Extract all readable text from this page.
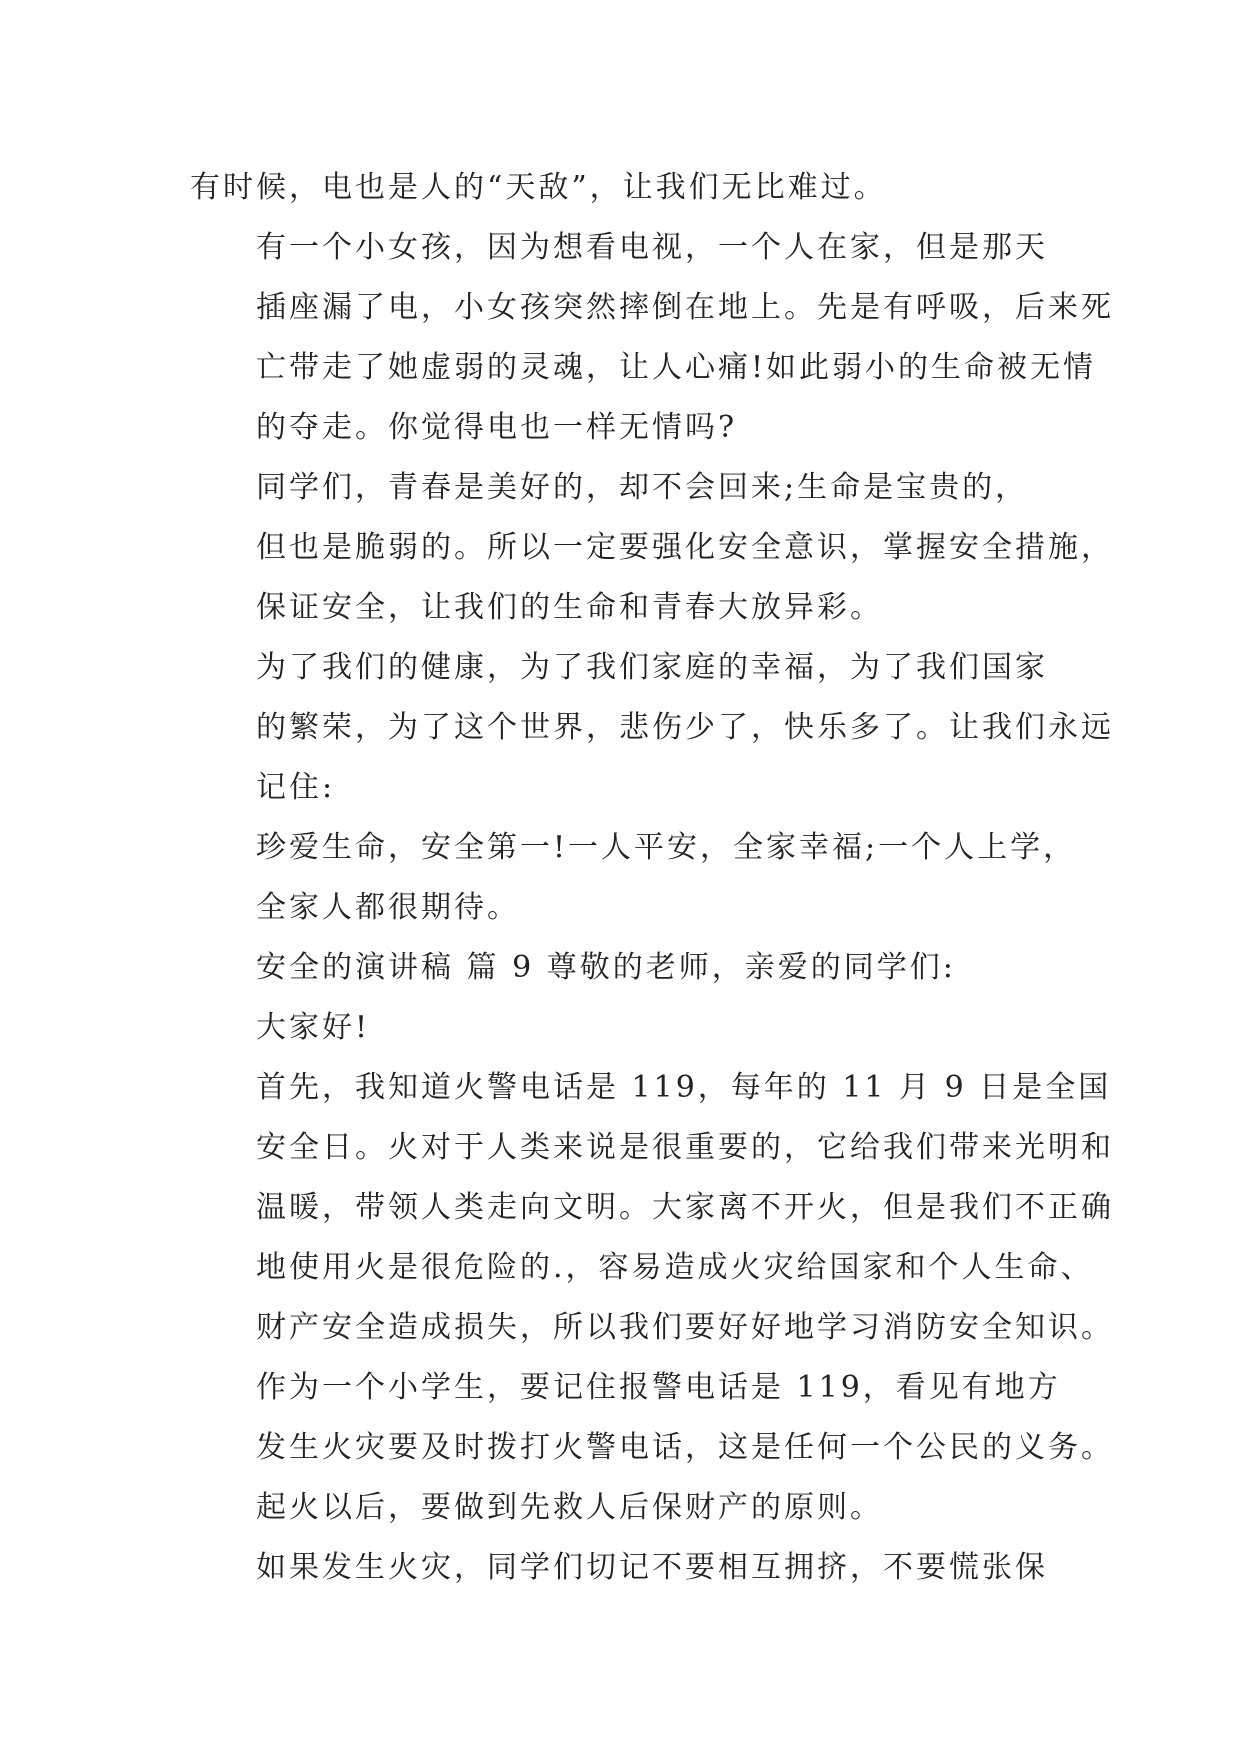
有时候，电也是人的“天敌”，让我们无比难过。

有一个小女孩，因为想看电视，一个人在家，但是那天
插座漏了电，小女孩突然摔倒在地上。先是有呼吸，后来死
亡带走了她虚弱的灵魂，让人心痛!如此弱小的生命被无情
的夺走。你觉得电也一样无情吗?

同学们，青春是美好的，却不会回来;生命是宝贵的，
但也是脆弱的。所以一定要强化安全意识，掌握安全措施，
保证安全，让我们的生命和青春大放异彩。

为了我们的健康，为了我们家庭的幸福，为了我们国家
的繁荣，为了这个世界，悲伤少了，快乐多了。让我们永远
记住:

珍爱生命，安全第一!一人平安，全家幸福;一个人上学，
全家人都很期待。

安全的演讲稿 篇 9 尊敬的老师，亲爱的同学们:

大家好!

首先，我知道火警电话是 119，每年的 11 月 9 日是全国
安全日。火对于人类来说是很重要的，它给我们带来光明和
温暖，带领人类走向文明。大家离不开火，但是我们不正确
地使用火是很危险的.，容易造成火灾给国家和个人生命、
财产安全造成损失，所以我们要好好地学习消防安全知识。

作为一个小学生，要记住报警电话是 119，看见有地方
发生火灾要及时拨打火警电话，这是任何一个公民的义务。
起火以后，要做到先救人后保财产的原则。

如果发生火灾，同学们切记不要相互拥挤，不要慌张保
